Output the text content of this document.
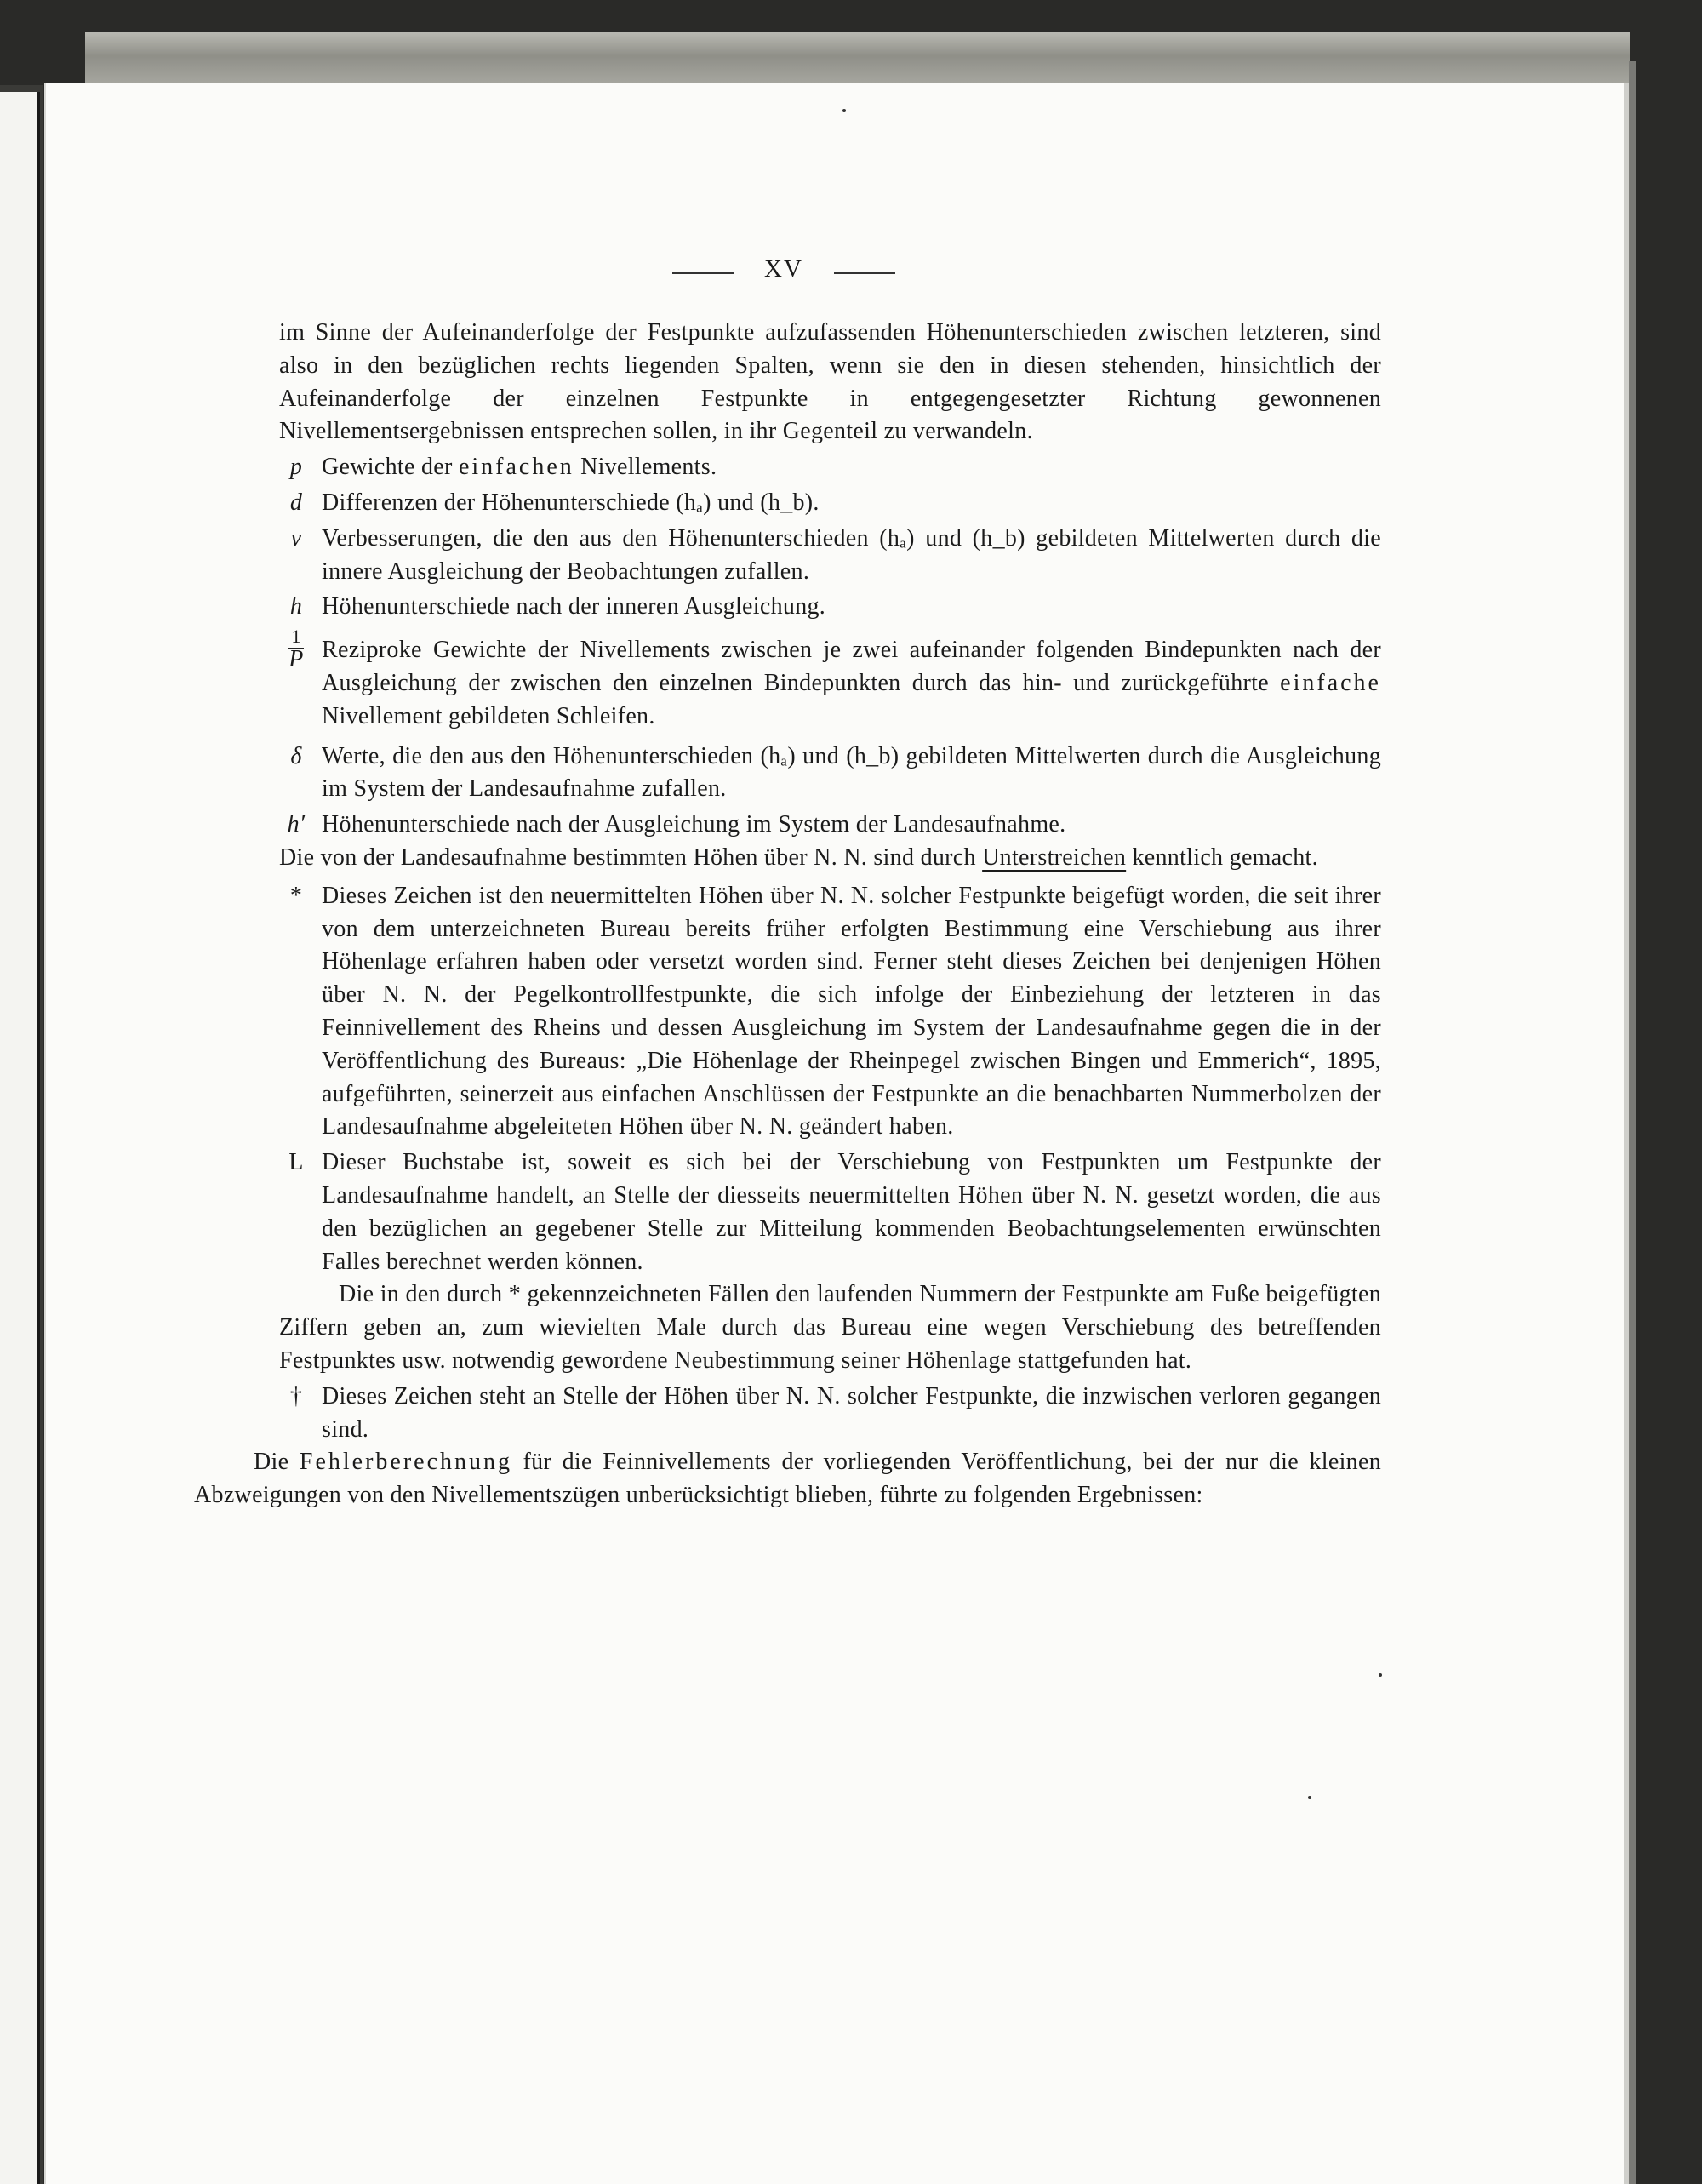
XV

im Sinne der Aufeinanderfolge der Festpunkte aufzufassenden Höhenunterschieden zwischen letzteren, sind also in den bezüglichen rechts liegenden Spalten, wenn sie den in diesen stehenden, hinsichtlich der Aufeinanderfolge der einzelnen Festpunkte in entgegengesetzter Richtung gewonnenen Nivellementsergebnissen entsprechen sollen, in ihr Gegenteil zu verwandeln.

p Gewichte der einfachen Nivellements.
d Differenzen der Höhenunterschiede (hₐ) und (h_b).
v Verbesserungen, die den aus den Höhenunterschieden (hₐ) und (h_b) gebildeten Mittelwerten durch die innere Ausgleichung der Beobachtungen zufallen.
h Höhenunterschiede nach der inneren Ausgleichung.
1
P Reziproke Gewichte der Nivellements zwischen je zwei aufeinander folgenden Bindepunkten nach der Ausgleichung der zwischen den einzelnen Bindepunkten durch das hin- und zurückgeführte einfache Nivellement gebildeten Schleifen.
δ Werte, die den aus den Höhenunterschieden (hₐ) und (h_b) gebildeten Mittelwerten durch die Ausgleichung im System der Landesaufnahme zufallen.
h′ Höhenunterschiede nach der Ausgleichung im System der Landesaufnahme.

Die von der Landesaufnahme bestimmten Höhen über N. N. sind durch Unterstreichen kenntlich gemacht.

* Dieses Zeichen ist den neuermittelten Höhen über N. N. solcher Festpunkte beigefügt worden, die seit ihrer von dem unterzeichneten Bureau bereits früher erfolgten Bestimmung eine Verschiebung aus ihrer Höhenlage erfahren haben oder versetzt worden sind. Ferner steht dieses Zeichen bei denjenigen Höhen über N. N. der Pegelkontrollfestpunkte, die sich infolge der Einbeziehung der letzteren in das Feinnivellement des Rheins und dessen Ausgleichung im System der Landesaufnahme gegen die in der Veröffentlichung des Bureaus: „Die Höhenlage der Rheinpegel zwischen Bingen und Emmerich“, 1895, aufgeführten, seinerzeit aus einfachen Anschlüssen der Festpunkte an die benachbarten Nummerbolzen der Landesaufnahme abgeleiteten Höhen über N. N. geändert haben.
L Dieser Buchstabe ist, soweit es sich bei der Verschiebung von Festpunkten um Festpunkte der Landesaufnahme handelt, an Stelle der diesseits neuermittelten Höhen über N. N. gesetzt worden, die aus den bezüglichen an gegebener Stelle zur Mitteilung kommenden Beobachtungselementen erwünschten Falles berechnet werden können.

Die in den durch * gekennzeichneten Fällen den laufenden Nummern der Festpunkte am Fuße beigefügten Ziffern geben an, zum wievielten Male durch das Bureau eine wegen Verschiebung des betreffenden Festpunktes usw. notwendig gewordene Neubestimmung seiner Höhenlage stattgefunden hat.

† Dieses Zeichen steht an Stelle der Höhen über N. N. solcher Festpunkte, die inzwischen verloren gegangen sind.

Die Fehlerberechnung für die Feinnivellements der vorliegenden Veröffentlichung, bei der nur die kleinen Abzweigungen von den Nivellementszügen unberücksichtigt blieben, führte zu folgenden Ergebnissen:
